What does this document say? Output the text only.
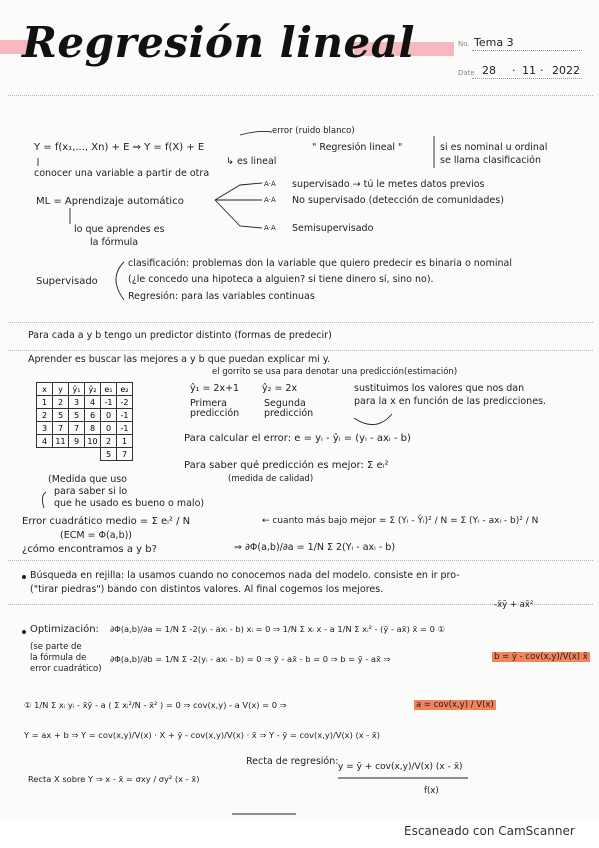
Regresión lineal	No. Tema 3
Date 28 · 11 · 2022
error (ruido blanco)
Y = f(x₁,..., Xn) + E ⇒ Y = f(X) + E	" Regresión lineal "	si es nominal u ordinal
se llama clasificación
↳ es lineal
conocer una variable a partir de otra
A·A supervisado → tú le metes datos previos
ML = Aprendizaje automático	A·A No supervisado (detección de comunidades)
lo que aprendes es	A·A Semisupervisado
la fórmula
clasificación: problemas don la variable que quiero predecir es binaria o nominal
Supervisado	(¿le concedo una hipoteca a alguien? si tiene dinero sí, sino no).
Regresión: para las variables continuas
Para cada a y b tengo un predictor distinto (formas de predecir)
Aprender es buscar las mejores a y b que puedan explicar mi y.
el gorrito se usa para denotar una predicción(estimación)
ŷ₁ = 2x+1 ŷ₂ = 2x	sustituimos los valores que nos dan
Primera	Segunda	para la x en función de las predicciones.
predicción	predicción
Para calcular el error: e = yᵢ - ŷᵢ = (yᵢ - axᵢ - b)
Para saber qué predicción es mejor: Σ eᵢ²
(medida de calidad)
x	y	ŷ₁	ŷ₂	e₁	e₂
1	2	3	4	-1	-2
2	5	5	6	0	-1
3	7	7	8	0	-1
4	11	9	10	2	1
				5	7
(Medida que uso
para saber si lo
que he usado es bueno o malo)
Error cuadrático medio = Σ eᵢ² / N	← cuanto más bajo mejor = Σ (Yᵢ - Ŷᵢ)² / N = Σ (Yᵢ - axᵢ - b)² / N
(ECM = Φ(a,b))
¿cómo encontramos a y b?	⇒ ∂Φ(a,b)/∂a = 1/N Σ 2(Yᵢ - axᵢ - b)
Búsqueda en rejilla: la usamos cuando no conocemos nada del modelo. consiste en ir pro-
("tirar piedras") bando con distintos valores. Al final cogemos los mejores.
-x̄ȳ + ax̄²
Optimización: ∂Φ(a,b)/∂a = 1/N Σ -2(yᵢ - axᵢ - b) xᵢ = 0 ⇒ 1/N Σ xᵢ x - a 1/N Σ xᵢ² - (ȳ - ax̄) x̄ = 0 ①
(se parte de
la fórmula de
error cuadrático)
∂Φ(a,b)/∂b = 1/N Σ -2(yᵢ - axᵢ - b) = 0 ⇒ ȳ - ax̄ - b = 0 ⇒ b = ȳ - ax̄ ⇒	b = ȳ - cov(x,y)/V(x) x̄
① 1/N Σ xᵢ yᵢ - x̄ȳ - a ( Σ xᵢ²/N - x̄² ) = 0 ⇒ cov(x,y) - a V(x) = 0 ⇒	a = cov(x,y) / V(x)
Y = ax + b ⇒ Y = cov(x,y)/V(x) · X + ȳ - cov(x,y)/V(x) · x̄ ⇒ Y - ȳ = cov(x,y)/V(x) (x - x̄)
Recta de regresión: y = ȳ + cov(x,y)/V(x) (x - x̄)
f(x)
Recta X sobre Y ⇒ x - x̄ = σxy / σy² (x - x̄)
Escaneado con CamScanner
